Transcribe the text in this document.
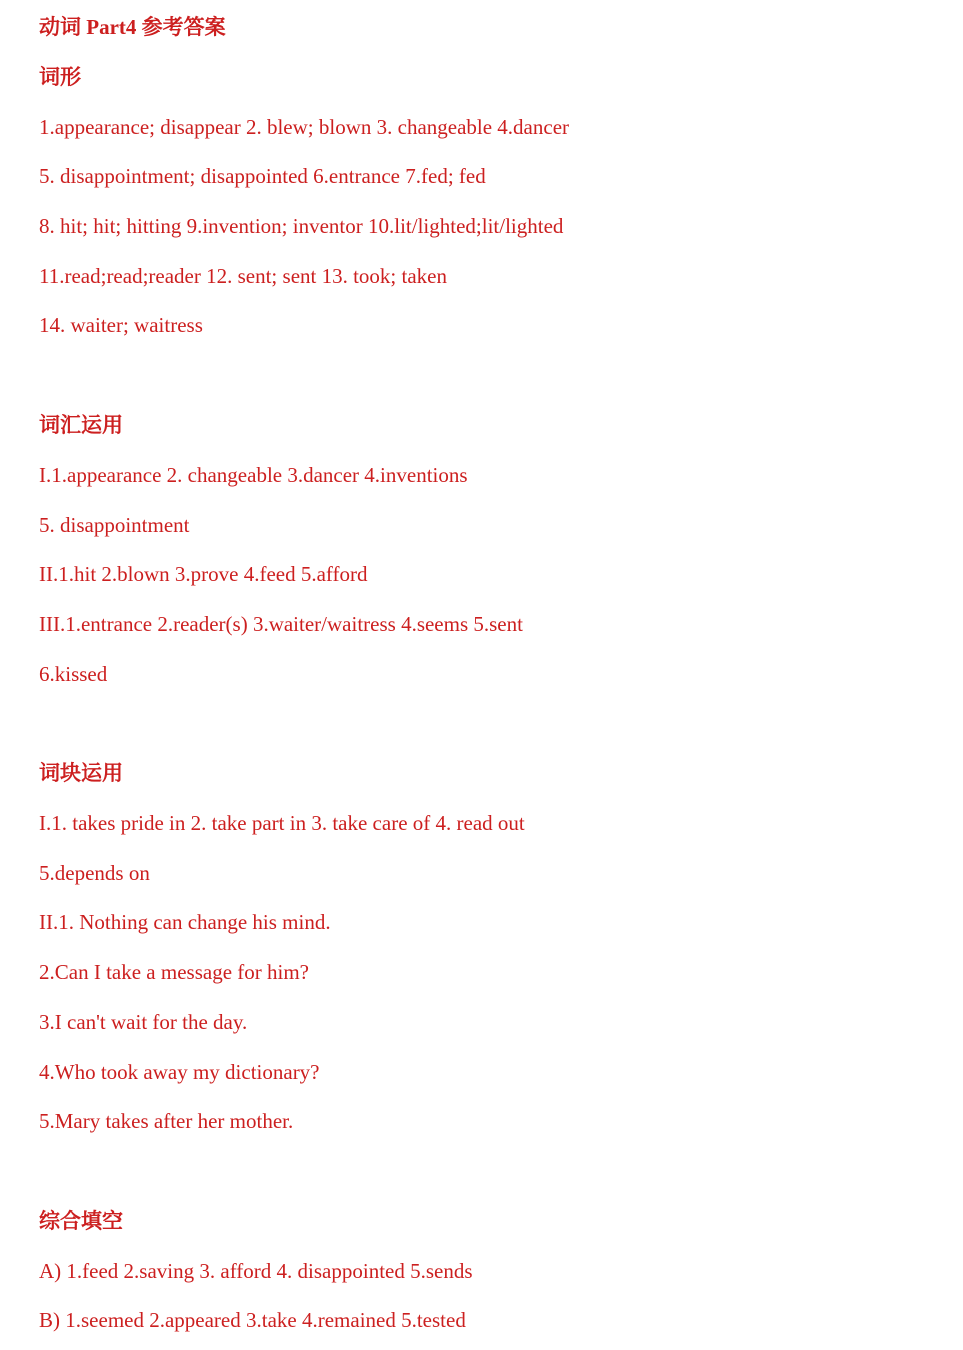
动词 Part4 参考答案
词形
1.appearance; disappear 2. blew; blown 3. changeable 4.dancer
5. disappointment; disappointed 6.entrance 7.fed; fed
8. hit; hit; hitting 9.invention; inventor 10.lit/lighted;lit/lighted
11.read;read;reader 12. sent; sent 13. took; taken
14. waiter; waitress
词汇运用
I.1.appearance 2. changeable 3.dancer 4.inventions
5. disappointment
II.1.hit 2.blown 3.prove 4.feed 5.afford
III.1.entrance 2.reader(s) 3.waiter/waitress 4.seems 5.sent
6.kissed
词块运用
I.1. takes pride in 2. take part in 3. take care of 4. read out
5.depends on
II.1. Nothing can change his mind.
2.Can I take a message for him?
3.I can't wait for the day.
4.Who took away my dictionary?
5.Mary takes after her mother.
综合填空
A) 1.feed 2.saving 3. afford 4. disappointed 5.sends
B) 1.seemed 2.appeared 3.take 4.remained 5.tested
